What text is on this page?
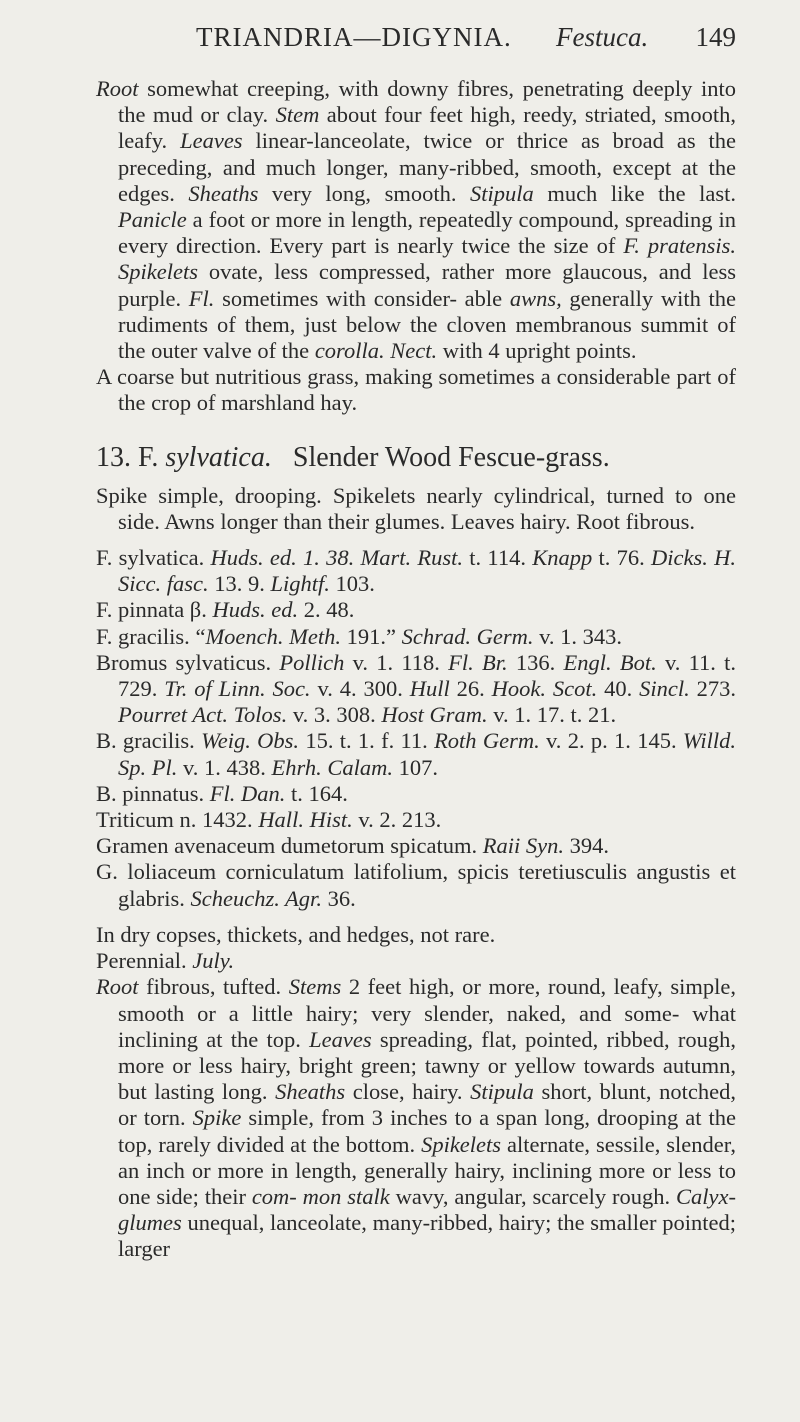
TRIANDRIA—DIGYNIA. Festuca. 149

Root somewhat creeping, with downy fibres, penetrating deeply into the mud or clay. Stem about four feet high, reedy, striated, smooth, leafy. Leaves linear-lanceolate, twice or thrice as broad as the preceding, and much longer, many-ribbed, smooth, except at the edges. Sheaths very long, smooth. Stipula much like the last. Panicle a foot or more in length, repeatedly compound, spreading in every direction. Every part is nearly twice the size of F. pratensis. Spikelets ovate, less compressed, rather more glaucous, and less purple. Fl. sometimes with consider- able awns, generally with the rudiments of them, just below the cloven membranous summit of the outer valve of the corolla. Nect. with 4 upright points.

A coarse but nutritious grass, making sometimes a considerable part of the crop of marshland hay.

13. F. sylvatica. Slender Wood Fescue-grass.

Spike simple, drooping. Spikelets nearly cylindrical, turned to one side. Awns longer than their glumes. Leaves hairy. Root fibrous.

F. sylvatica. Huds. ed. 1. 38. Mart. Rust. t. 114. Knapp t. 76. Dicks. H. Sicc. fasc. 13. 9. Lightf. 103.

F. pinnata β. Huds. ed. 2. 48.

F. gracilis. “Moench. Meth. 191.” Schrad. Germ. v. 1. 343.

Bromus sylvaticus. Pollich v. 1. 118. Fl. Br. 136. Engl. Bot. v. 11. t. 729. Tr. of Linn. Soc. v. 4. 300. Hull 26. Hook. Scot. 40. Sincl. 273. Pourret Act. Tolos. v. 3. 308. Host Gram. v. 1. 17. t. 21.

B. gracilis. Weig. Obs. 15. t. 1. f. 11. Roth Germ. v. 2. p. 1. 145. Willd. Sp. Pl. v. 1. 438. Ehrh. Calam. 107.

B. pinnatus. Fl. Dan. t. 164.

Triticum n. 1432. Hall. Hist. v. 2. 213.

Gramen avenaceum dumetorum spicatum. Raii Syn. 394.

G. loliaceum corniculatum latifolium, spicis teretiusculis angustis et glabris. Scheuchz. Agr. 36.

In dry copses, thickets, and hedges, not rare.

Perennial. July.

Root fibrous, tufted. Stems 2 feet high, or more, round, leafy, simple, smooth or a little hairy; very slender, naked, and some- what inclining at the top. Leaves spreading, flat, pointed, ribbed, rough, more or less hairy, bright green; tawny or yellow towards autumn, but lasting long. Sheaths close, hairy. Stipula short, blunt, notched, or torn. Spike simple, from 3 inches to a span long, drooping at the top, rarely divided at the bottom. Spikelets alternate, sessile, slender, an inch or more in length, generally hairy, inclining more or less to one side; their com- mon stalk wavy, angular, scarcely rough. Calyx-glumes unequal, lanceolate, many-ribbed, hairy; the smaller pointed; larger
